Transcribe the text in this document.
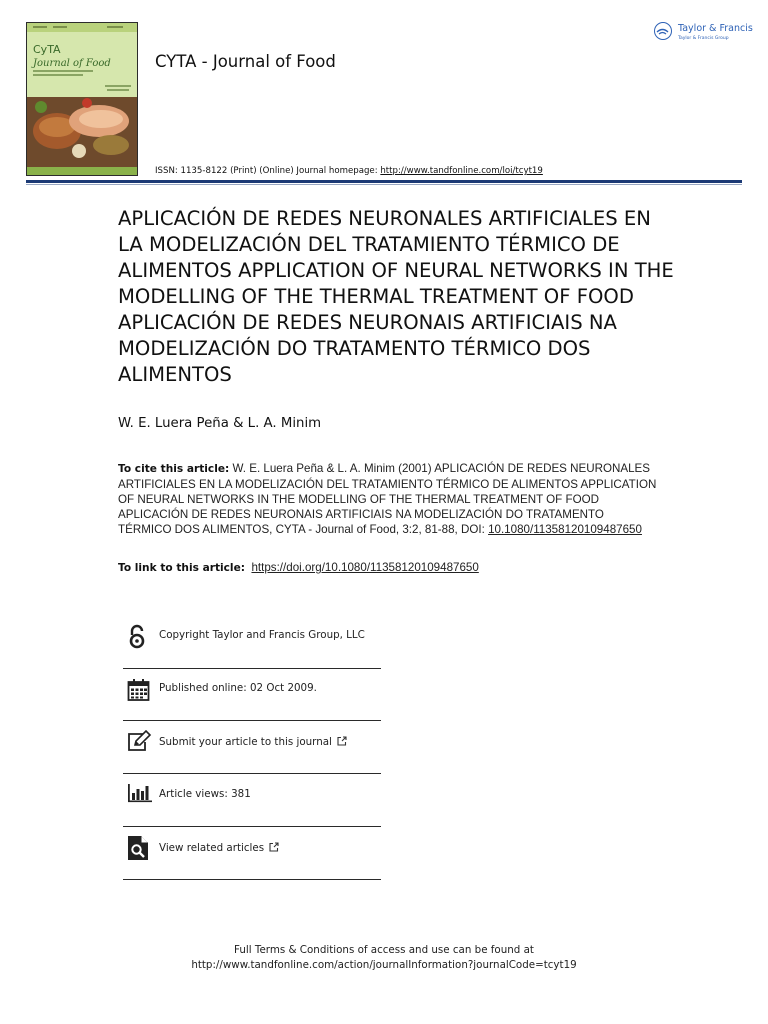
CyTA
Journal of Food	CYTA - Journal of Food
Taylor & Francis
Taylor & Francis Group
ISSN: 1135-8122 (Print) (Online) Journal homepage: http://www.tandfonline.com/loi/tcyt19
APLICACIÓN DE REDES NEURONALES ARTIFICIALES EN LA MODELIZACIÓN DEL TRATAMIENTO TÉRMICO DE ALIMENTOS APPLICATION OF NEURAL NETWORKS IN THE MODELLING OF THE THERMAL TREATMENT OF FOOD APLICACIÓN DE REDES NEURONAIS ARTIFICIAIS NA MODELIZACIÓN DO TRATAMENTO TÉRMICO DOS ALIMENTOS
W. E. Luera Peña & L. A. Minim
To cite this article: W. E. Luera Peña & L. A. Minim (2001) APLICACIÓN DE REDES NEURONALES ARTIFICIALES EN LA MODELIZACIÓN DEL TRATAMIENTO TÉRMICO DE ALIMENTOS APPLICATION OF NEURAL NETWORKS IN THE MODELLING OF THE THERMAL TREATMENT OF FOOD APLICACIÓN DE REDES NEURONAIS ARTIFICIAIS NA MODELIZACIÓN DO TRATAMENTO TÉRMICO DOS ALIMENTOS, CYTA - Journal of Food, 3:2, 81-88, DOI: 10.1080/11358120109487650
To link to this article: https://doi.org/10.1080/11358120109487650
Copyright Taylor and Francis Group, LLC
Published online: 02 Oct 2009.
Submit your article to this journal
Article views: 381
View related articles
Full Terms & Conditions of access and use can be found at
http://www.tandfonline.com/action/journalInformation?journalCode=tcyt19
